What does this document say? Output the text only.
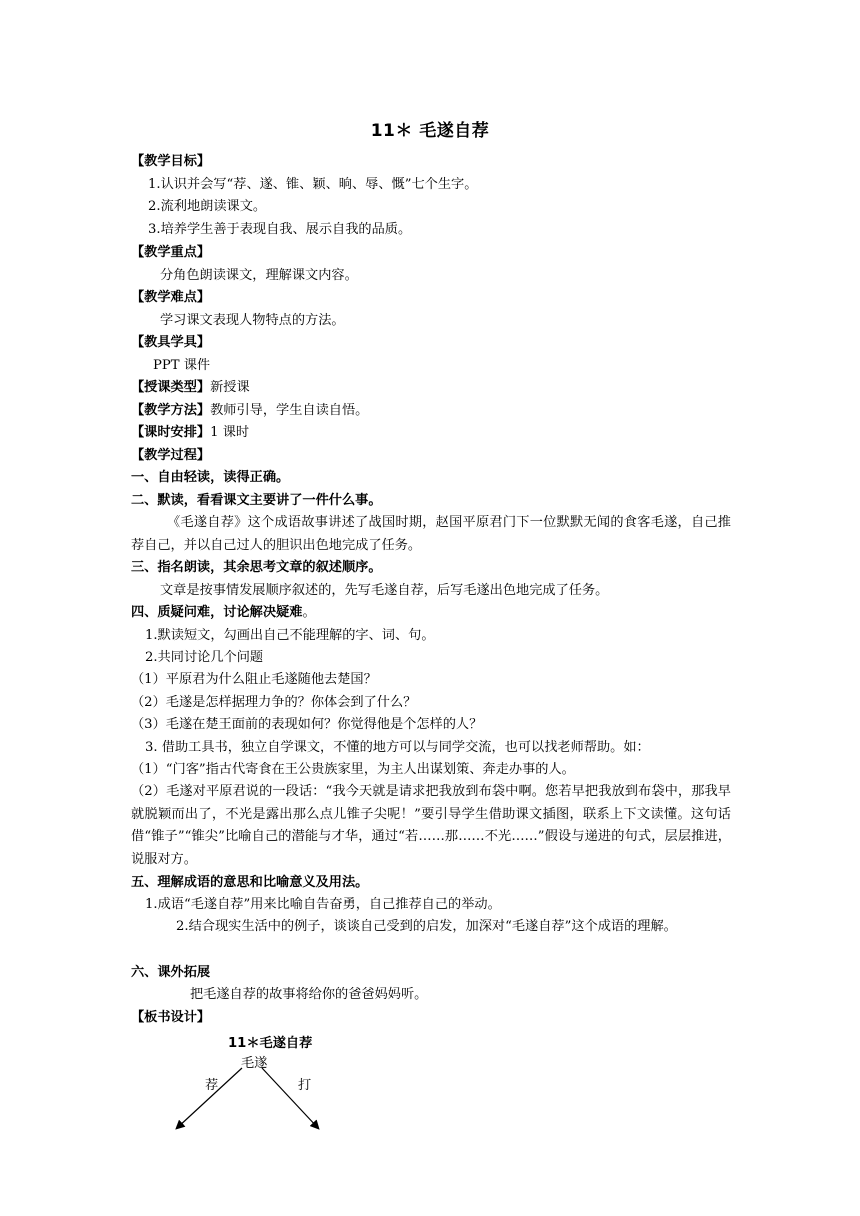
11＊ 毛遂自荐
【教学目标】
1.认识并会写“荐、遂、锥、颖、晌、辱、慨”七个生字。
2.流利地朗读课文。
3.培养学生善于表现自我、展示自我的品质。
【教学重点】
分角色朗读课文，理解课文内容。
【教学难点】
学习课文表现人物特点的方法。
【教具学具】
PPT 课件
【授课类型】新授课
【教学方法】教师引导，学生自读自悟。
【课时安排】1 课时
【教学过程】
一、自由轻读，读得正确。
二、默读，看看课文主要讲了一件什么事。
《毛遂自荐》这个成语故事讲述了战国时期，赵国平原君门下一位默默无闻的食客毛遂，自己推荐自己，并以自己过人的胆识出色地完成了任务。
三、指名朗读，其余思考文章的叙述顺序。
文章是按事情发展顺序叙述的，先写毛遂自荐，后写毛遂出色地完成了任务。
四、质疑问难，讨论解决疑难。
1.默读短文，勾画出自己不能理解的字、词、句。
2.共同讨论几个问题
（1）平原君为什么阻止毛遂随他去楚国？
（2）毛遂是怎样据理力争的？你体会到了什么？
（3）毛遂在楚王面前的表现如何？你觉得他是个怎样的人？
3. 借助工具书，独立自学课文，不懂的地方可以与同学交流，也可以找老师帮助。如：
（1）“门客”指古代寄食在王公贵族家里，为主人出谋划策、奔走办事的人。
（2）毛遂对平原君说的一段话：“我今天就是请求把我放到布袋中啊。您若早把我放到布袋中，那我早就脱颖而出了，不光是露出那么点儿锥子尖呢！”要引导学生借助课文插图，联系上下文读懂。这句话借“锥子”“锥尖”比喻自己的潜能与才华，通过“若……那……不光……”假设与递进的句式，层层推进，说服对方。
五、理解成语的意思和比喻意义及用法。
1.成语“毛遂自荐”用来比喻自告奋勇，自己推荐自己的举动。
2.结合现实生活中的例子，谈谈自己受到的启发，加深对“毛遂自荐”这个成语的理解。
六、课外拓展
把毛遂自荐的故事将给你的爸爸妈妈听。
【板书设计】
11＊毛遂自荐
毛遂
荐	打
